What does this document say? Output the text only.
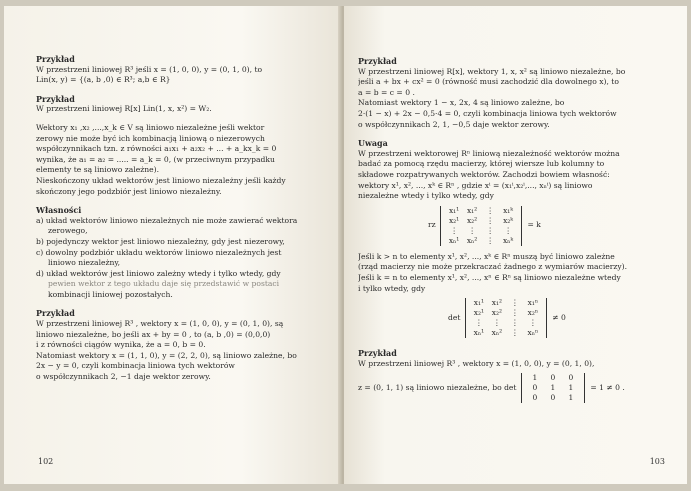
Przykład
W przestrzeni liniowej R³ jeśli x = (1, 0, 0), y = (0, 1, 0), to
Lin(x, y) = {(a, b ,0) ∈ R³; a,b ∈ R}
Przykład
W przestrzeni liniowej R[x] Lin(1, x, x²) = W₂.
Wektory x₁ ,x₂ ,...,x_k ∈ V są liniowo niezależne jeśli wektor
zerowy nie może być ich kombinacją liniową o niezerowych
współczynnikach tzn. z równości a₁x₁ + a₂x₂ + ... + a_kx_k = 0
wynika, że a₁ = a₂ = ..... = a_k = 0, (w przeciwnym przypadku
elementy te są liniowo zależne).
Nieskończony układ wektorów jest liniowo niezależny jeśli każdy
skończony jego podzbiór jest liniowo niezależny.
Własności
a) układ wektorów liniowo niezależnych nie może zawierać wektora
zerowego,
b) pojedynczy wektor jest liniowo niezależny, gdy jest niezerowy,
c) dowolny podzbiór układu wektorów liniowo niezależnych jest
liniowo niezależny,
d) układ wektorów jest liniowo zależny wtedy i tylko wtedy, gdy
pewien wektor z tego układu daje się przedstawić w postaci
kombinacji liniowej pozostałych.
Przykład
W przestrzeni liniowej R³ , wektory x = (1, 0, 0), y = (0, 1, 0), są
liniowo niezależne, bo jeśli ax + by = 0 , to (a, b ,0) = (0,0,0)
i z równości ciągów wynika, że a = 0, b = 0.
Natomiast wektory x = (1, 1, 0), y = (2, 2, 0), są liniowo zależne, bo
2x − y = 0, czyli kombinacja liniowa tych wektorów
o współczynnikach 2, −1 daje wektor zerowy.
102
Przykład
W przestrzeni liniowej R[x], wektory 1, x, x² są liniowo niezależne, bo
jeśli a + bx + cx² = 0 (równość musi zachodzić dla dowolnego x), to
a = b = c = 0 .
Natomiast wektory 1 − x, 2x, 4 są liniowo zależne, bo
2·(1 − x) + 2x − 0,5·4 = 0, czyli kombinacja liniowa tych wektorów
o współczynnikach 2, 1, −0,5 daje wektor zerowy.
Uwaga
W przestrzeni wektorowej Rⁿ liniową niezależność wektorów można
badać za pomocą rzędu macierzy, której wiersze lub kolumny to
składowe rozpatrywanych wektorów. Zachodzi bowiem własność:
wektory x¹, x², ..., xᵏ ∈ Rⁿ , gdzie xⁱ = (x₁ⁱ,x₂ⁱ,..., xₙⁱ) są liniowo
niezależne wtedy i tylko wtedy, gdy
rz
x₁¹ x₁² ⋮ x₁ᵏ
x₂¹ x₂² ⋮ x₂ᵏ
⋮ ⋮ ⋮ ⋮
xₙ¹ xₙ² ⋮ xₙᵏ
= k
Jeśli k > n to elementy x¹, x², ..., xᵏ ∈ Rⁿ muszą być liniowo zależne
(rząd macierzy nie może przekraczać żadnego z wymiarów macierzy).
Jeśli k = n to elementy x¹, x², ..., xⁿ ∈ Rⁿ są liniowo niezależne wtedy
i tylko wtedy, gdy
det
x₁¹ x₁² ⋮ x₁ⁿ
x₂¹ x₂² ⋮ x₂ⁿ
⋮ ⋮ ⋮ ⋮
xₙ¹ xₙ² ⋮ xₙⁿ
≠ 0
Przykład
W przestrzeni liniowej R³ , wektory x = (1, 0, 0), y = (0, 1, 0),
z = (0, 1, 1) są liniowo niezależne, bo det
1 0 0
0 1 1
0 0 1
= 1 ≠ 0 .
103
